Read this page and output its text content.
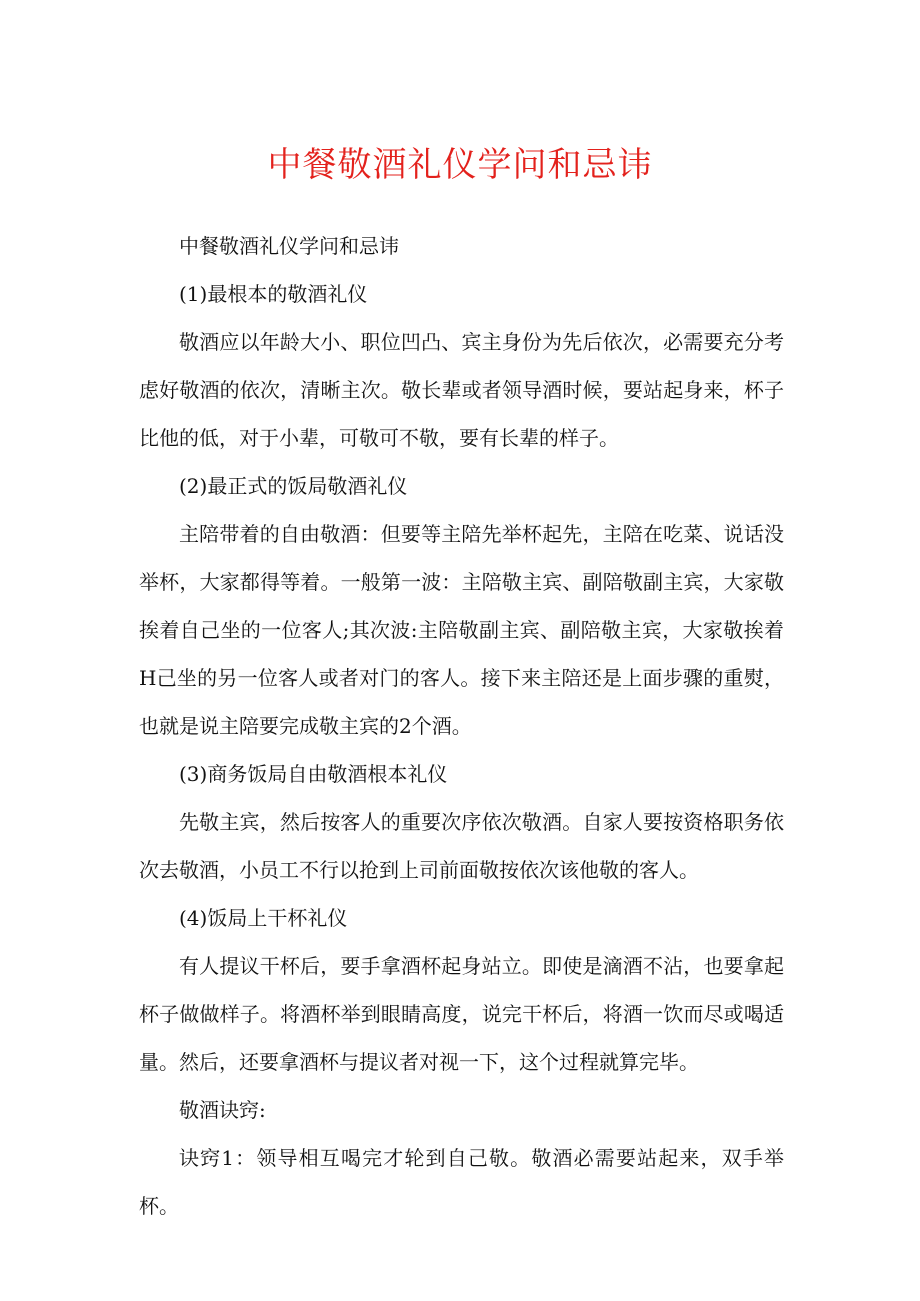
中餐敬酒礼仪学问和忌讳

中餐敬酒礼仪学问和忌讳

(1)最根本的敬酒礼仪

敬酒应以年龄大小、职位凹凸、宾主身份为先后依次，必需要充分考虑好敬酒的依次，清晰主次。敬长辈或者领导酒时候，要站起身来，杯子比他的低，对于小辈，可敬可不敬，要有长辈的样子。

(2)最正式的饭局敬酒礼仪

主陪带着的自由敬酒：但要等主陪先举杯起先，主陪在吃菜、说话没举杯，大家都得等着。一般第一波：主陪敬主宾、副陪敬副主宾，大家敬挨着自己坐的一位客人;其次波:主陪敬副主宾、副陪敬主宾，大家敬挨着H己坐的另一位客人或者对门的客人。接下来主陪还是上面步骤的重熨，也就是说主陪要完成敬主宾的2个酒。

(3)商务饭局自由敬酒根本礼仪

先敬主宾，然后按客人的重要次序依次敬酒。自家人要按资格职务依次去敬酒，小员工不行以抢到上司前面敬按依次该他敬的客人。

(4)饭局上干杯礼仪

有人提议干杯后，要手拿酒杯起身站立。即使是滴酒不沾，也要拿起杯子做做样子。将酒杯举到眼睛高度，说完干杯后，将酒一饮而尽或喝适量。然后，还要拿酒杯与提议者对视一下，这个过程就算完毕。

敬酒诀窍:

诀窍1：领导相互喝完才轮到自己敬。敬酒必需要站起来，双手举杯。
